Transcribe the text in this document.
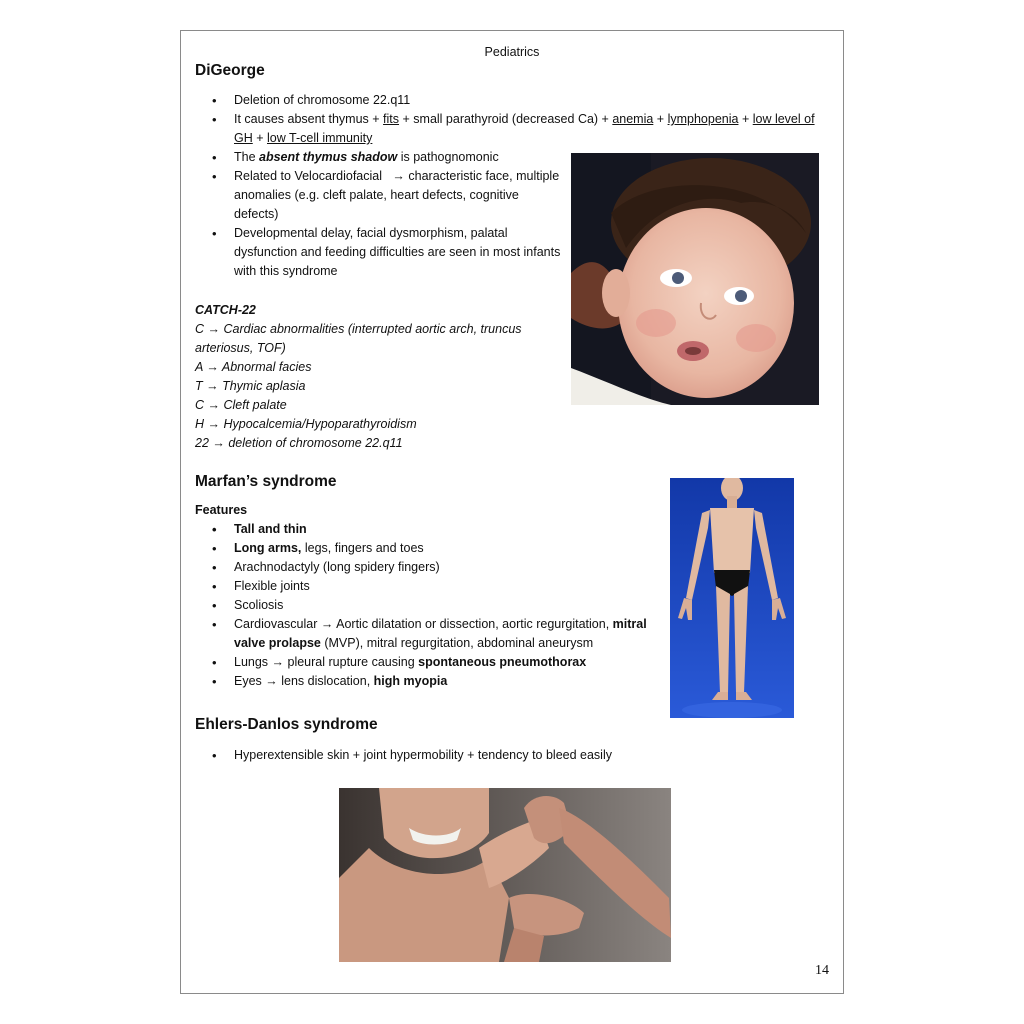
Pediatrics
DiGeorge
• Deletion of chromosome 22.q11
• It causes absent thymus + fits + small parathyroid (decreased Ca) + anemia + lymphopenia + low level of GH + low T-cell immunity
• The absent thymus shadow is pathognomonic
• Related to Velocardiofacial   → characteristic face, multiple anomalies (e.g. cleft palate, heart defects, cognitive defects)
• Developmental delay, facial dysmorphism, palatal dysfunction and feeding difficulties are seen in most infants with this syndrome
CATCH-22
C → Cardiac abnormalities (interrupted aortic arch, truncus
arteriosus, TOF)
A → Abnormal facies
T → Thymic aplasia
C → Cleft palate
H → Hypocalcemia/Hypoparathyroidism
22 → deletion of chromosome 22.q11
Marfan’s syndrome
Features
• Tall and thin
• Long arms, legs, fingers and toes
• Arachnodactyly (long spidery fingers)
• Flexible joints
• Scoliosis
• Cardiovascular → Aortic dilatation or dissection, aortic regurgitation, mitral valve prolapse (MVP), mitral regurgitation, abdominal aneurysm
• Lungs → pleural rupture causing spontaneous pneumothorax
• Eyes → lens dislocation, high myopia
Ehlers-Danlos syndrome
• Hyperextensible skin + joint hypermobility + tendency to bleed easily
14
